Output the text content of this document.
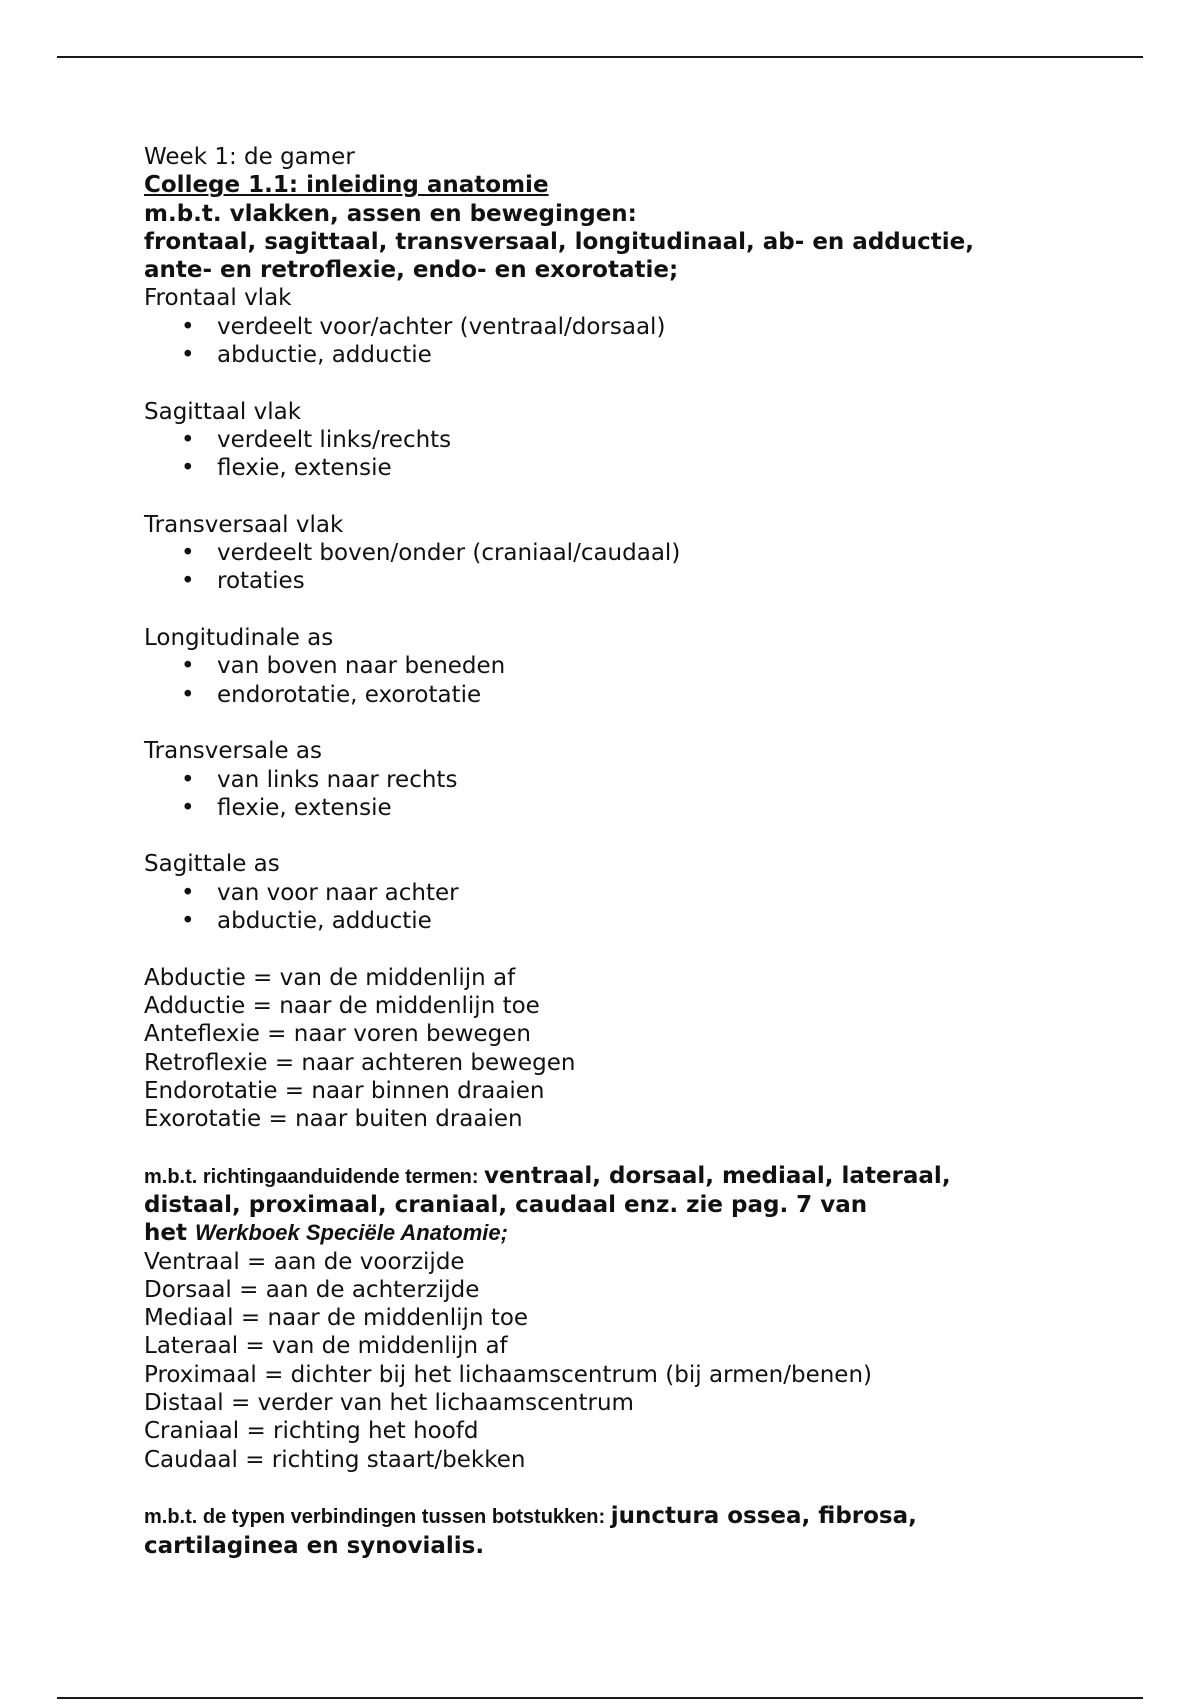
Week 1: de gamer

College 1.1: inleiding anatomie

m.b.t. vlakken, assen en bewegingen:

frontaal, sagittaal, transversaal, longitudinaal, ab- en adductie,

ante- en retroflexie, endo- en exorotatie;

Frontaal vlak

• verdeelt voor/achter (ventraal/dorsaal)
• abductie, adductie

Sagittaal vlak

• verdeelt links/rechts
• flexie, extensie

Transversaal vlak

• verdeelt boven/onder (craniaal/caudaal)
• rotaties

Longitudinale as

• van boven naar beneden
• endorotatie, exorotatie

Transversale as

• van links naar rechts
• flexie, extensie

Sagittale as

• van voor naar achter
• abductie, adductie

Abductie = van de middenlijn af

Adductie = naar de middenlijn toe

Anteflexie = naar voren bewegen

Retroflexie = naar achteren bewegen

Endorotatie = naar binnen draaien

Exorotatie = naar buiten draaien

m.b.t. richtingaanduidende termen: ventraal, dorsaal, mediaal, lateraal,

distaal, proximaal, craniaal, caudaal enz. zie pag. 7 van

het Werkboek Speciële Anatomie;

Ventraal = aan de voorzijde

Dorsaal = aan de achterzijde

Mediaal = naar de middenlijn toe

Lateraal = van de middenlijn af

Proximaal = dichter bij het lichaamscentrum (bij armen/benen)

Distaal = verder van het lichaamscentrum

Craniaal = richting het hoofd

Caudaal = richting staart/bekken

m.b.t. de typen verbindingen tussen botstukken: junctura ossea, fibrosa,

cartilaginea en synovialis.
